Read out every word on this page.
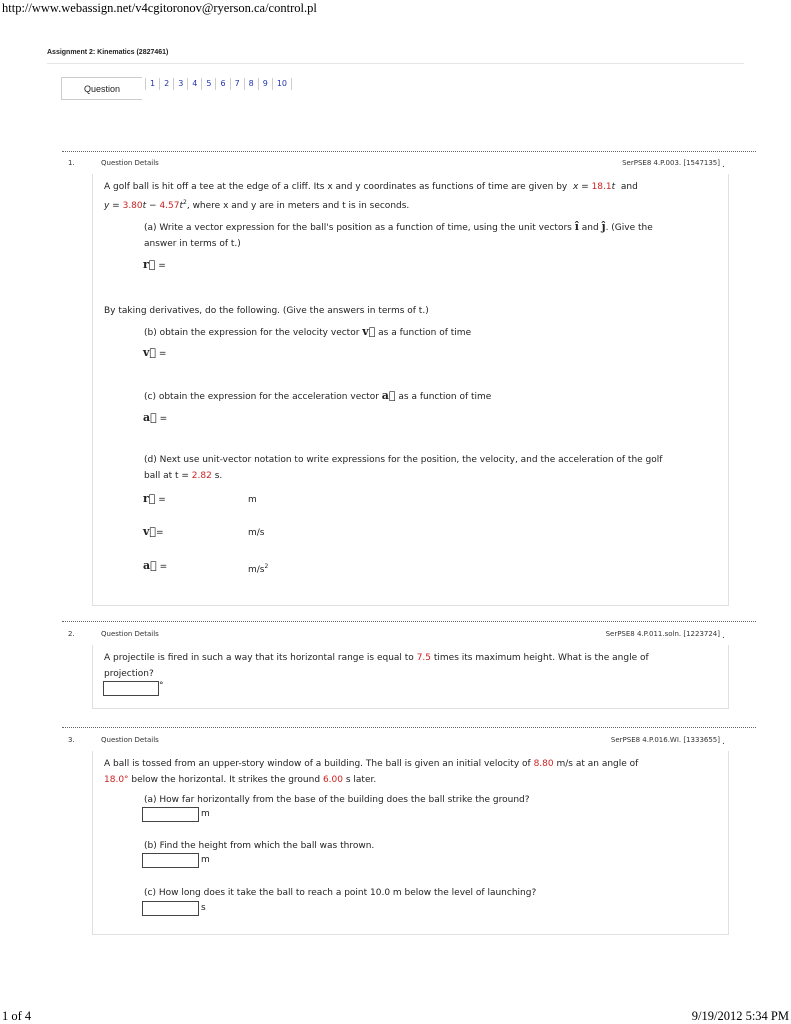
http://www.webassign.net/v4cgitoronov@ryerson.ca/control.pl
Assignment 2: Kinematics (2827461)
Question	1	2	3	4	5	6	7	8	9	10
1.	Question Details	SerPSE8 4.P.003. [1547135] .
A golf ball is hit off a tee at the edge of a cliff. Its x and y coordinates as functions of time are given by x = 18.1t and
$y = 3.80t - 4.57t^2$, where x and y are in meters and t is in seconds.
(a) Write a vector expression for the ball's position as a function of time, using the unit vectors î and ĵ. (Give the
answer in terms of t.)
r⃗ =
By taking derivatives, do the following. (Give the answers in terms of t.)
(b) obtain the expression for the velocity vector v⃗ as a function of time
v⃗ =
(c) obtain the expression for the acceleration vector a⃗ as a function of time
a⃗ =
(d) Next use unit-vector notation to write expressions for the position, the velocity, and the acceleration of the golf
ball at t = 2.82 s.
r⃗ =	m
v⃗=	m/s
a⃗ =	$m/s^2$
2.	Question Details	SerPSE8 4.P.011.soln. [1223724] .
A projectile is fired in such a way that its horizontal range is equal to 7.5 times its maximum height. What is the angle of
projection?
°
3.	Question Details	SerPSE8 4.P.016.WI. [1333655] .
A ball is tossed from an upper-story window of a building. The ball is given an initial velocity of 8.80 m/s at an angle of
18.0° below the horizontal. It strikes the ground 6.00 s later.
(a) How far horizontally from the base of the building does the ball strike the ground?
m
(b) Find the height from which the ball was thrown.
m
(c) How long does it take the ball to reach a point 10.0 m below the level of launching?
s
1 of 4	9/19/2012 5:34 PM
